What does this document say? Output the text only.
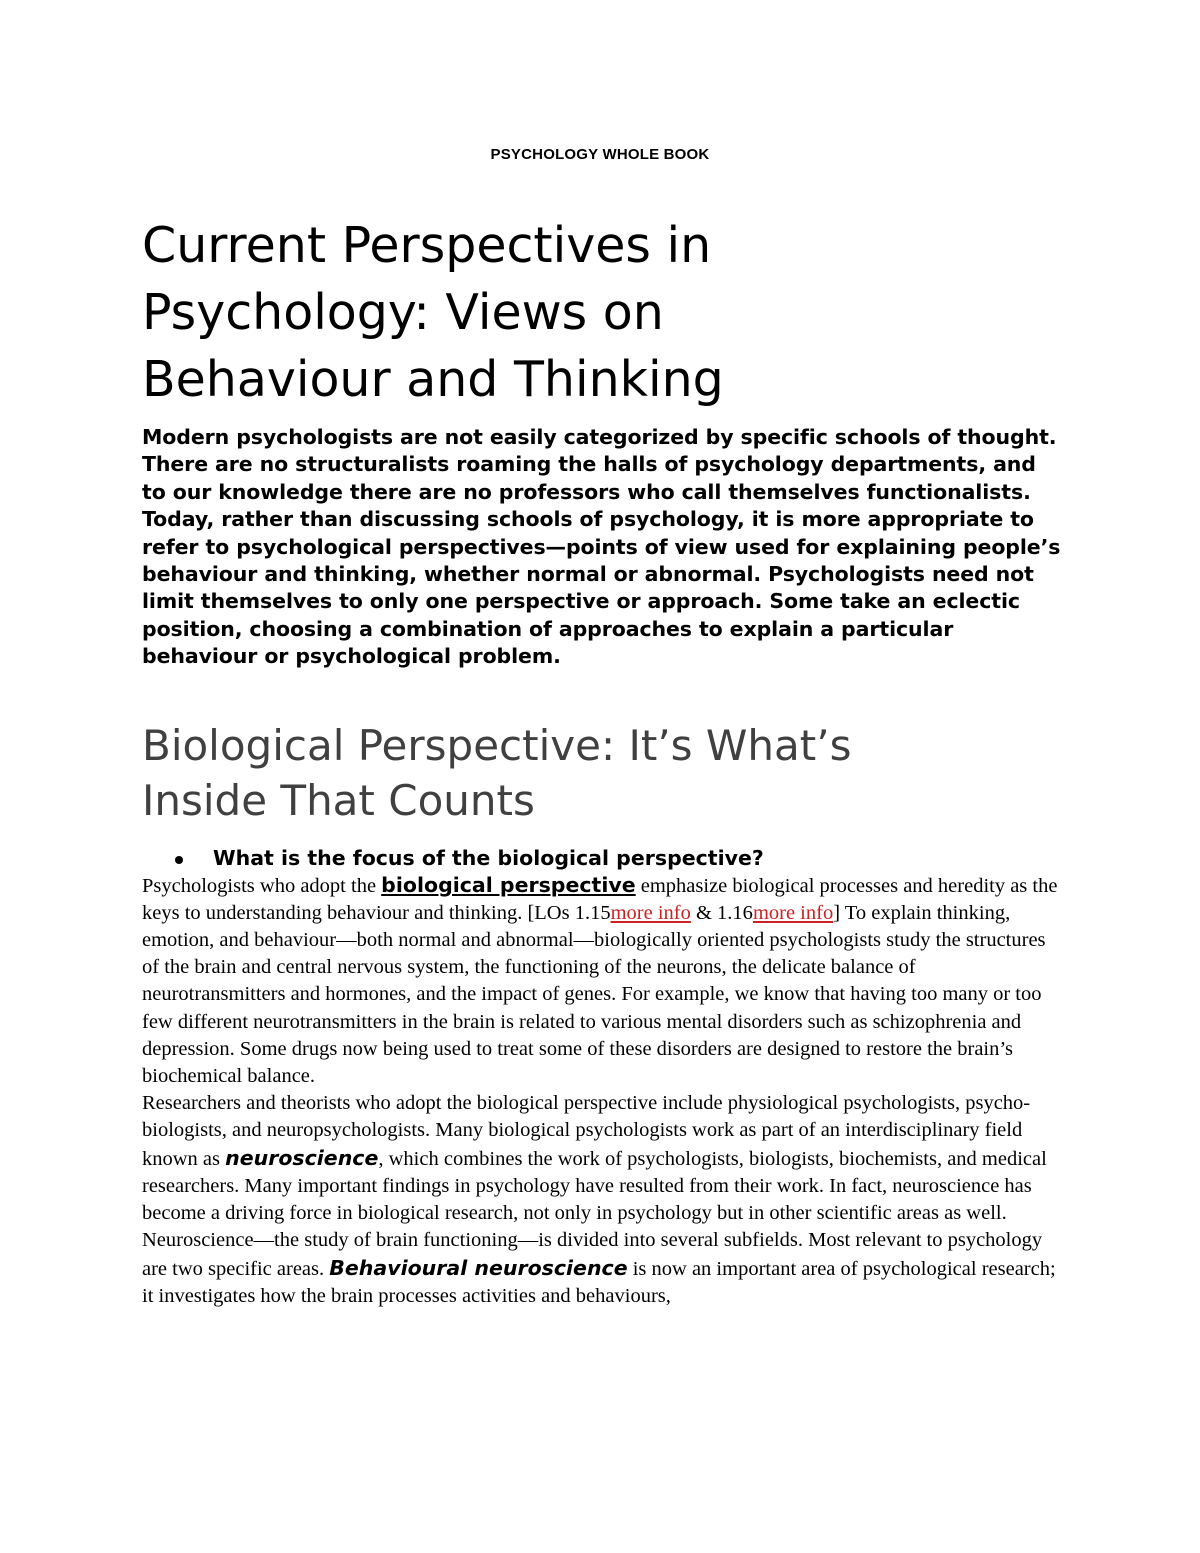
PSYCHOLOGY WHOLE BOOK
Current Perspectives in
Psychology: Views on
Behaviour and Thinking

Modern psychologists are not easily categorized by specific schools of thought. There are no structuralists roaming the halls of psychology departments, and to our knowledge there are no professors who call themselves functionalists. Today, rather than discussing schools of psychology, it is more appropriate to refer to psychological perspectives—points of view used for explaining people’s behaviour and thinking, whether normal or abnormal. Psychologists need not limit themselves to only one perspective or approach. Some take an eclectic position, choosing a combination of approaches to explain a particular behaviour or psychological problem.

Biological Perspective: It’s What’s
Inside That Counts
What is the focus of the biological perspective?

Psychologists who adopt the biological perspective emphasize biological processes and heredity as the keys to understanding behaviour and thinking. [LOs 1.15more info & 1.16more info] To explain thinking, emotion, and behaviour—both normal and abnormal—biologically oriented psychologists study the structures of the brain and central nervous system, the functioning of the neurons, the delicate balance of neurotransmitters and hormones, and the impact of genes. For example, we know that having too many or too few different neurotransmitters in the brain is related to various mental disorders such as schizophrenia and depression. Some drugs now being used to treat some of these disorders are designed to restore the brain’s biochemical balance.

Researchers and theorists who adopt the biological perspective include physiological psychologists, psycho-biologists, and neuropsychologists. Many biological psychologists work as part of an interdisciplinary field known as neuroscience, which combines the work of psychologists, biologists, biochemists, and medical researchers. Many important findings in psychology have resulted from their work. In fact, neuroscience has become a driving force in biological research, not only in psychology but in other scientific areas as well.

Neuroscience—the study of brain functioning—is divided into several subfields. Most relevant to psychology are two specific areas. Behavioural neuroscience is now an important area of psychological research; it investigates how the brain processes activities and behaviours,
